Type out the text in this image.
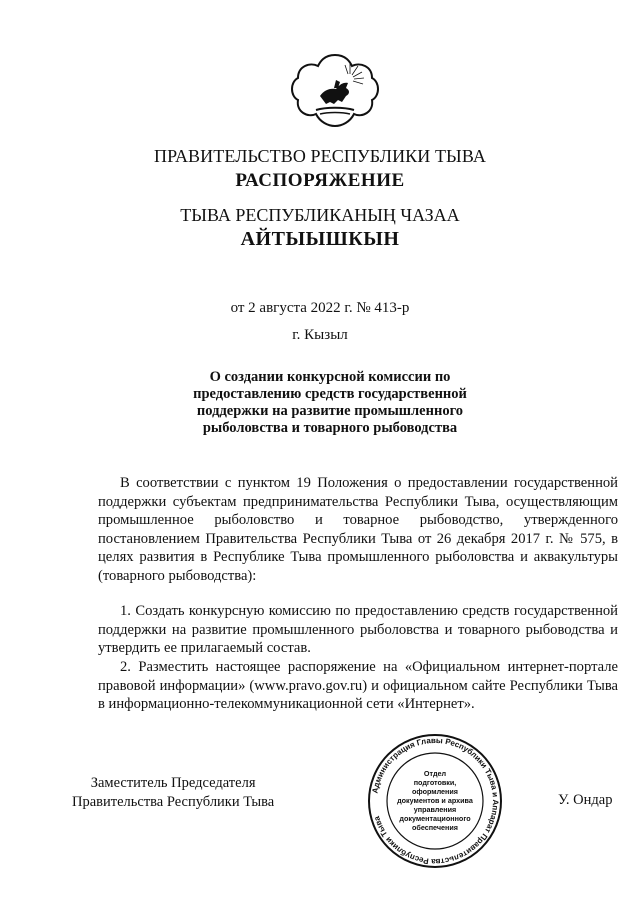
ПРАВИТЕЛЬСТВО РЕСПУБЛИКИ ТЫВА
РАСПОРЯЖЕНИЕ
ТЫВА РЕСПУБЛИКАНЫҢ ЧАЗАА
АЙТЫЫШКЫН
от 2 августа 2022 г. № 413-р
г. Кызыл
О создании конкурсной комиссии по
предоставлению средств государственной
поддержки на развитие промышленного
рыболовства и товарного рыбоводства
В соответствии с пунктом 19 Положения о предоставлении государственной поддержки субъектам предпринимательства Республики Тыва, осуществляющим промышленное рыболовство и товарное рыбоводство, утвержденного постановлением Правительства Республики Тыва от 26 декабря 2017 г. № 575, в целях развития в Республике Тыва промышленного рыболовства и аквакультуры (товарного рыбоводства):
1. Создать конкурсную комиссию по предоставлению средств государственной поддержки на развитие промышленного рыболовства и товарного рыбоводства и утвердить ее прилагаемый состав.
2. Разместить настоящее распоряжение на «Официальном интернет-портале правовой информации» (www.pravo.gov.ru) и официальном сайте Республики Тыва в информационно-телекоммуникационной сети «Интернет».
Заместитель Председателя
Правительства Республики Тыва
Администрация Главы Республики Тыва и Аппарат Правительства Республики Тыва
Отдел
подготовки,
оформления
документов и архива
управления
документационного
обеспечения
У. Ондар
